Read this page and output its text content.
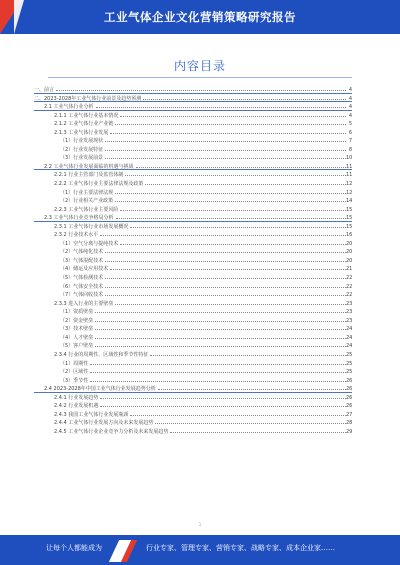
工业气体企业文化营销策略研究报告
内容目录
一、前言	4
二、2023-2028年工业气体行业前景及趋势预测	4
2.1 工业气体行业分析	4
2.1.1 工业气体行业基本情况	4
2.1.2 工业气体行业产业链	5
2.1.3 工业气体行业发展	6
（1）行业发展现状	7
（2）行业发展特征	8
（3）行业发展前景	10
2.2 工业气体行业发展面临的机遇与挑战	11
2.2.1 行业主管部门及监管体制	11
2.2.2 工业气体行业主要法律法规及政策	12
（1）行业主要法律法规	12
（2）行业相关产业政策	14
2.2.3 工业气体行业主要风险	15
2.3 工业气体行业竞争格局分析	15
2.3.1 工业气体行业市场发展概况	15
2.3.2 行业技术水平	16
（1）空气分离与提纯技术	20
（2）气体纯化技术	20
（3）气体混配技术	20
（4）储运及应用技术	21
（5）气体检测技术	22
（6）气体安全技术	22
（7）气体回收技术	22
2.3.3 进入行业的主要壁垒	23
（1）资质壁垒	23
（2）资金壁垒	23
（3）技术壁垒	24
（4）人才壁垒	24
（5）客户壁垒	24
2.3.4 行业的周期性、区域性和季节性特征	25
（1）周期性	25
（2）区域性	25
（3）季节性	26
2.4 2023-2028年中国工业气体行业发展趋势分析	26
2.4.1 行业发展趋势	26
2.4.2 行业发展机遇	26
2.4.3 我国工业气体行业发展瓶颈	27
2.4.4 工业气体行业发展方向及未来发展趋势	28
2.4.5 工业气体行业企业竞争力分析及未来发展趋势	29
1
让每个人都能成为	行业专家、管理专家、营销专家、战略专家、成本企业家……
